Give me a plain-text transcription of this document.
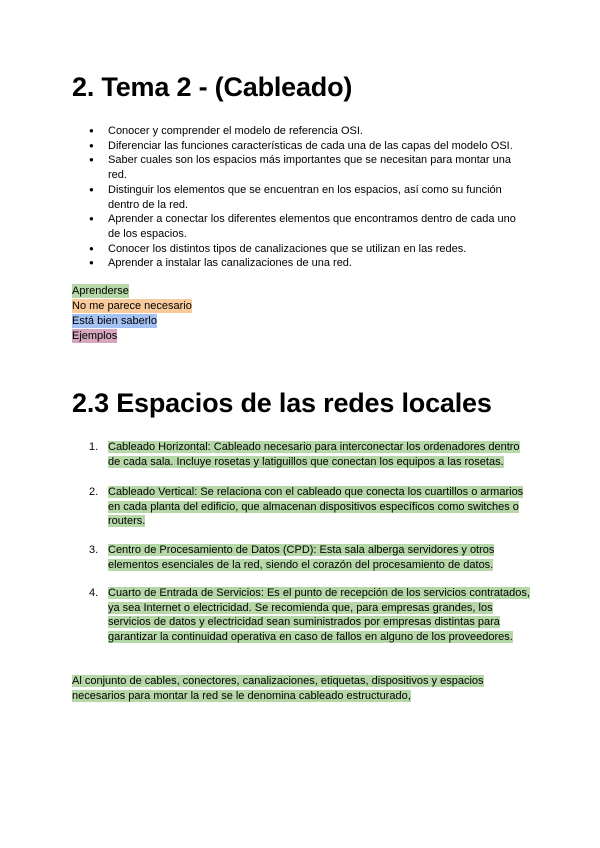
2. Tema 2 - (Cableado)
● Conocer y comprender el modelo de referencia OSI.
● Diferenciar las funciones características de cada una de las capas del modelo OSI.
● Saber cuales son los espacios más importantes que se necesitan para montar una red.
● Distinguir los elementos que se encuentran en los espacios, así como su función dentro de la red.
● Aprender a conectar los diferentes elementos que encontramos dentro de cada uno de los espacios.
● Conocer los distintos tipos de canalizaciones que se utilizan en las redes.
● Aprender a instalar las canalizaciones de una red.
Aprenderse
No me parece necesario
Está bien saberlo
Ejemplos
2.3 Espacios de las redes locales
1. Cableado Horizontal: Cableado necesario para interconectar los ordenadores dentro de cada sala. Incluye rosetas y latiguillos que conectan los equipos a las rosetas.
2. Cableado Vertical: Se relaciona con el cableado que conecta los cuartillos o armarios en cada planta del edificio, que almacenan dispositivos específicos como switches o routers.
3. Centro de Procesamiento de Datos (CPD): Esta sala alberga servidores y otros elementos esenciales de la red, siendo el corazón del procesamiento de datos.
4. Cuarto de Entrada de Servicios: Es el punto de recepción de los servicios contratados, ya sea Internet o electricidad. Se recomienda que, para empresas grandes, los servicios de datos y electricidad sean suministrados por empresas distintas para garantizar la continuidad operativa en caso de fallos en alguno de los proveedores.
Al conjunto de cables, conectores, canalizaciones, etiquetas, dispositivos y espacios necesarios para montar la red se le denomina cableado estructurado,
